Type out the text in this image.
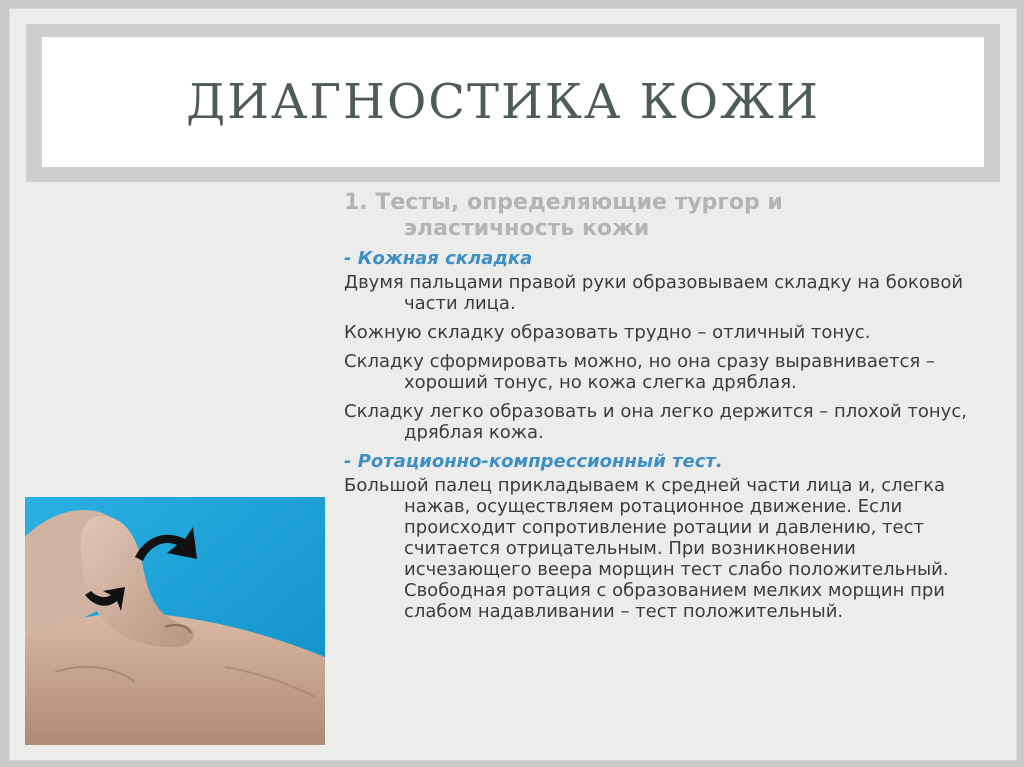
ДИАГНОСТИКА КОЖИ

1. Тесты, определяющие тургор и
эластичность кожи

- Кожная складка

Двумя пальцами правой руки образовываем складку на боковой части лица.

Кожную складку образовать трудно – отличный тонус.

Складку сформировать можно, но она сразу выравнивается – хороший тонус, но кожа слегка дряблая.

Складку легко образовать и она легко держится – плохой тонус, дряблая кожа.

- Ротационно-компрессионный тест.

Большой палец прикладываем к средней части лица и, слегка нажав, осуществляем ротационное движение. Если происходит сопротивление ротации и давлению, тест считается отрицательным. При возникновении исчезающего веера морщин тест слабо положительный. Свободная ротация с образованием мелких морщин при слабом надавливании – тест положительный.
